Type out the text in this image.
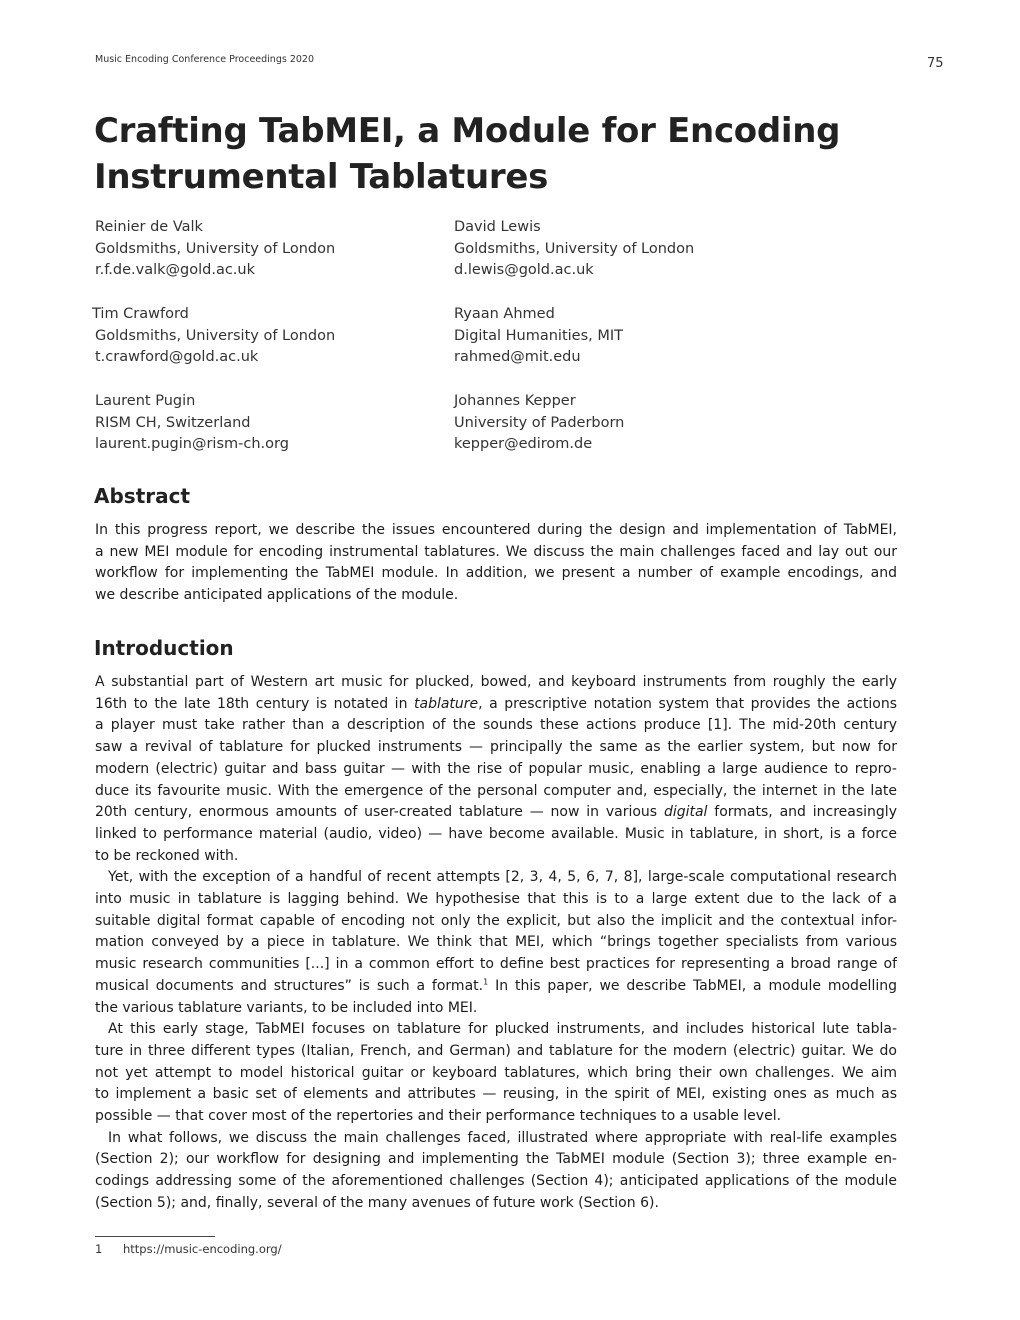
Music Encoding Conference Proceedings 2020	75
Crafting TabMEI, a Module for Encoding
Instrumental Tablatures
Reinier de Valk
Goldsmiths, University of London
r.f.de.valk@gold.ac.uk
David Lewis
Goldsmiths, University of London
d.lewis@gold.ac.uk
Tim Crawford
Goldsmiths, University of London
t.crawford@gold.ac.uk
Ryaan Ahmed
Digital Humanities, MIT
rahmed@mit.edu
Laurent Pugin
RISM CH, Switzerland
laurent.pugin@rism-ch.org
Johannes Kepper
University of Paderborn
kepper@edirom.de
Abstract

In this progress report, we describe the issues encountered during the design and implementation of TabMEI,
a new MEI module for encoding instrumental tablatures. We discuss the main challenges faced and lay out our
workflow for implementing the TabMEI module. In addition, we present a number of example encodings, and
we describe anticipated applications of the module.

Introduction

A substantial part of Western art music for plucked, bowed, and keyboard instruments from roughly the early
16th to the late 18th century is notated in tablature, a prescriptive notation system that provides the actions
a player must take rather than a description of the sounds these actions produce [1]. The mid-20th century
saw a revival of tablature for plucked instruments — principally the same as the earlier system, but now for
modern (electric) guitar and bass guitar — with the rise of popular music, enabling a large audience to repro-
duce its favourite music. With the emergence of the personal computer and, especially, the internet in the late
20th century, enormous amounts of user-created tablature — now in various digital formats, and increasingly
linked to performance material (audio, video) — have become available. Music in tablature, in short, is a force
to be reckoned with.
Yet, with the exception of a handful of recent attempts [2, 3, 4, 5, 6, 7, 8], large-scale computational research
into music in tablature is lagging behind. We hypothesise that this is to a large extent due to the lack of a
suitable digital format capable of encoding not only the explicit, but also the implicit and the contextual infor-
mation conveyed by a piece in tablature. We think that MEI, which “brings together specialists from various
music research communities [...] in a common effort to define best practices for representing a broad range of
musical documents and structures” is such a format.$^1$ In this paper, we describe TabMEI, a module modelling
the various tablature variants, to be included into MEI.
At this early stage, TabMEI focuses on tablature for plucked instruments, and includes historical lute tabla-
ture in three different types (Italian, French, and German) and tablature for the modern (electric) guitar. We do
not yet attempt to model historical guitar or keyboard tablatures, which bring their own challenges. We aim
to implement a basic set of elements and attributes — reusing, in the spirit of MEI, existing ones as much as
possible — that cover most of the repertories and their performance techniques to a usable level.
In what follows, we discuss the main challenges faced, illustrated where appropriate with real-life examples
(Section 2); our workflow for designing and implementing the TabMEI module (Section 3); three example en-
codings addressing some of the aforementioned challenges (Section 4); anticipated applications of the module
(Section 5); and, finally, several of the many avenues of future work (Section 6).

1 https://music-encoding.org/
